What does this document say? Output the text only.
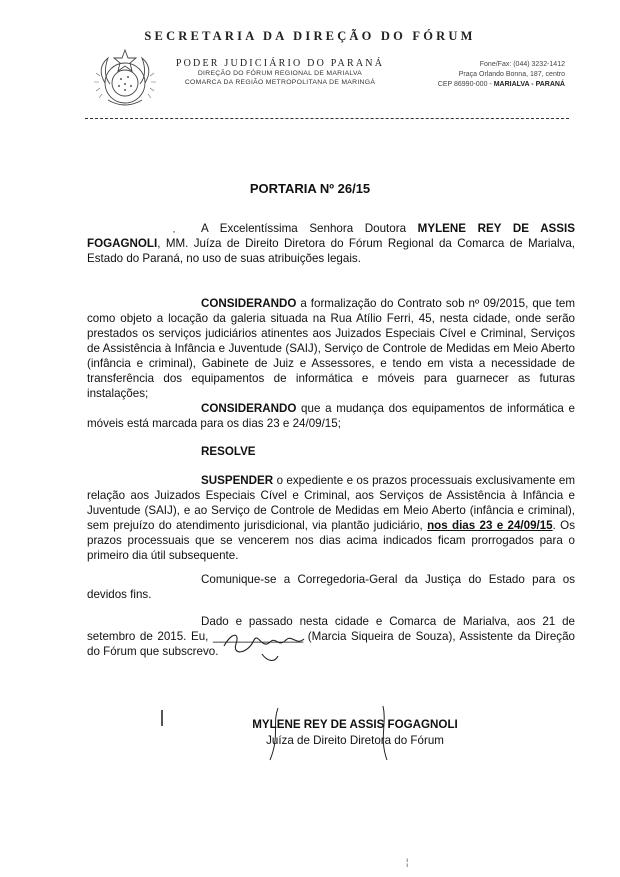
SECRETARIA DA DIREÇÃO DO FÓRUM
PODER JUDICIÁRIO DO PARANÁ
DIREÇÃO DO FÓRUM REGIONAL DE MARIALVA
COMARCA DA REGIÃO METROPOLITANA DE MARINGÁ
Fone/Fax: (044) 3232-1412
Praça Orlando Bonna, 187, centro
CEP 86990-000 - MARIALVA - PARANÁ
PORTARIA Nº 26/15
·	A Excelentíssima Senhora Doutora MYLENE REY DE ASSIS FOGAGNOLI, MM. Juíza de Direito Diretora do Fórum Regional da Comarca de Marialva, Estado do Paraná, no uso de suas atribuições legais.
CONSIDERANDO a formalização do Contrato sob nº 09/2015, que tem como objeto a locação da galeria situada na Rua Atílio Ferri, 45, nesta cidade, onde serão prestados os serviços judiciários atinentes aos Juizados Especiais Cível e Criminal, Serviços de Assistência à Infância e Juventude (SAIJ), Serviço de Controle de Medidas em Meio Aberto (infância e criminal), Gabinete de Juiz e Assessores, e tendo em vista a necessidade de transferência dos equipamentos de informática e móveis para guarnecer as futuras instalações;
CONSIDERANDO que a mudança dos equipamentos de informática e móveis está marcada para os dias 23 e 24/09/15;
RESOLVE
SUSPENDER o expediente e os prazos processuais exclusivamente em relação aos Juizados Especiais Cível e Criminal, aos Serviços de Assistência à Infância e Juventude (SAIJ), e ao Serviço de Controle de Medidas em Meio Aberto (infância e criminal), sem prejuízo do atendimento jurisdicional, via plantão judiciário, nos dias 23 e 24/09/15. Os prazos processuais que se vencerem nos dias acima indicados ficam prorrogados para o primeiro dia útil subsequente.
Comunique-se a Corregedoria-Geral da Justiça do Estado para os devidos fins.
Dado e passado nesta cidade e Comarca de Marialva, aos 21 de setembro de 2015. Eu, ______________ (Marcia Siqueira de Souza), Assistente da Direção do Fórum que subscrevo.
MYLENE REY DE ASSIS FOGAGNOLI
Juíza de Direito Diretora do Fórum
¦
